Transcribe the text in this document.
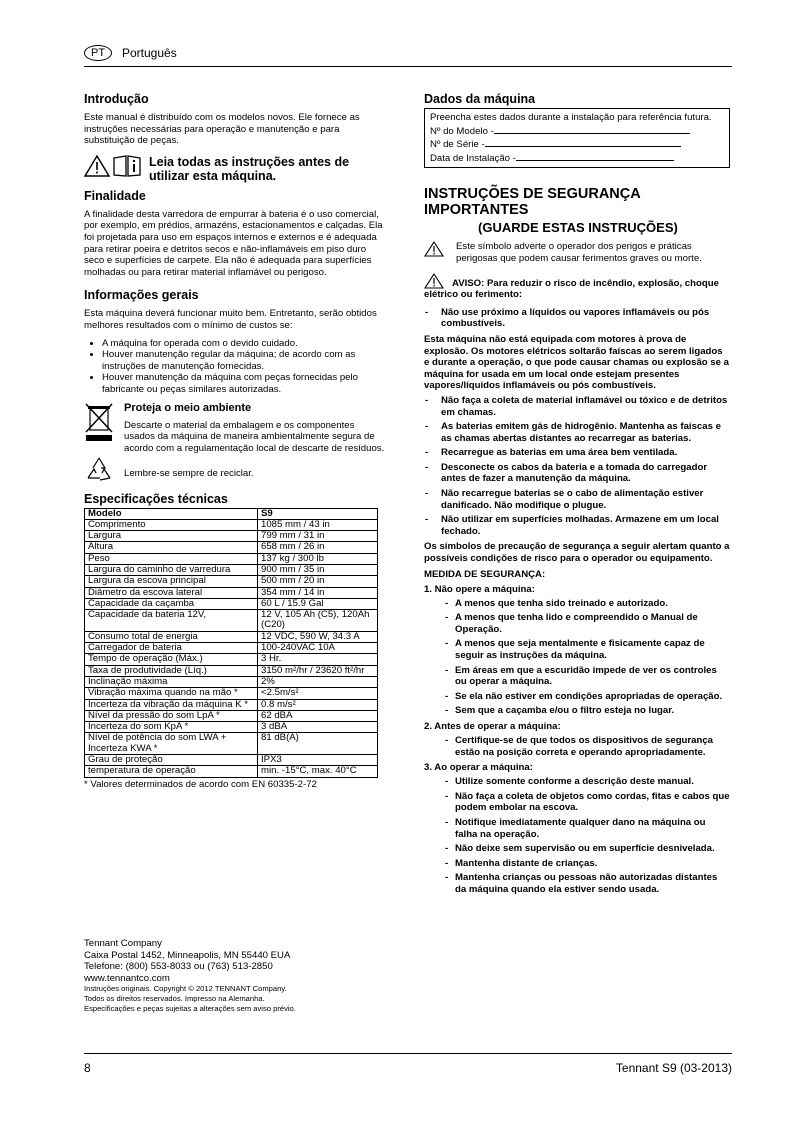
PT	Português
Introdução

Este manual é distribuído com os modelos novos. Ele fornece as instruções necessárias para operação e manutenção e para substituição de peças.

Leia todas as instruções antes de utilizar esta máquina.
Finalidade

A finalidade desta varredora de empurrar à bateria é o uso comercial, por exemplo, em prédios, armazéns, estacionamentos e calçadas. Ela foi projetada para uso em espaços internos e externos e é adequada para retirar poeira e detritos secos e não-inflamáveis em piso duro seco e superfícies de carpete. Ela não é adequada para superfícies molhadas ou para retirar material inflamável ou perigoso.

Informações gerais

Esta máquina deverá funcionar muito bem. Entretanto, serão obtidos melhores resultados com o mínimo de custos se:

• A máquina for operada com o devido cuidado.
• Houver manutenção regular da máquina; de acordo com as instruções de manutenção fornecidas.
• Houver manutenção da máquina com peças fornecidas pelo fabricante ou peças similares autorizadas.
Proteja o meio ambiente

Descarte o material da embalagem e os componentes usados da máquina de maneira ambientalmente segura de acordo com a regulamentação local de descarte de resíduos.

Lembre-se sempre de reciclar.

Especificações técnicas
Modelo	S9
Comprimento	1085 mm / 43 in
Largura	799 mm / 31 in
Altura	658 mm / 26 in
Peso	137 kg / 300 lb
Largura do caminho de varredura	900 mm / 35 in
Largura da escova principal	500 mm / 20 in
Diâmetro da escova lateral	354 mm / 14 in
Capacidade da caçamba	60 L / 15.9 Gal
Capacidade da bateria 12V,	12 V, 105 Ah (C5), 120Ah (C20)
Consumo total de energia	12 VDC, 590 W, 34.3 A
Carregador de bateria	100-240VAC 10A
Tempo de operação (Máx.)	3 Hr.
Taxa de produtividade (Líq.)	3150 m²/hr / 23620 ft²/hr
Inclinação máxima	2%
Vibração máxima quando na mão *	<2.5m/s²
Incerteza da vibração da máquina K *	0.8 m/s²
Nível da pressão do som LpA *	62 dBA
Incerteza do som KpA *	3 dBA
Nível de potência do som LWA + Incerteza KWA *	81 dB(A)
Grau de proteção	IPX3
temperatura de operação	min. -15°C, max. 40°C
* Valores determinados de acordo com EN 60335-2-72

Tennant Company

Caixa Postal 1452, Minneapolis, MN 55440 EUA

Telefone: (800) 553-8033 ou (763) 513-2850

www.tennantco.com

Instruções originais. Copyright © 2012 TENNANT Company.

Todos os direitos reservados. Impresso na Alemanha.

Especificações e peças sujeitas a alterações sem aviso prévio.

Dados da máquina
Preencha estes dados durante a instalação para referência futura.
Nº do Modelo -
Nº de Série -
Data de Instalação -
INSTRUÇÕES DE SEGURANÇA IMPORTANTES
(GUARDE ESTAS INSTRUÇÕES)
Este símbolo adverte o operador dos perigos e práticas perigosas que podem causar ferimentos graves ou morte.
AVISO: Para reduzir o risco de incêndio, explosão, choque elétrico ou ferimento:
- Não use próximo a líquidos ou vapores inflamáveis ou pós combustíveis.
Esta máquina não está equipada com motores à prova de explosão. Os motores elétricos soltarão faíscas ao serem ligados e durante a operação, o que pode causar chamas ou explosão se a máquina for usada em um local onde estejam presentes vapores/líquidos inflamáveis ou pós combustíveis.
- Não faça a coleta de material inflamável ou tóxico e de detritos em chamas.
- As baterias emitem gás de hidrogênio. Mantenha as faíscas e as chamas abertas distantes ao recarregar as baterias.
- Recarregue as baterias em uma área bem ventilada.
- Desconecte os cabos da bateria e a tomada do carregador antes de fazer a manutenção da máquina.
- Não recarregue baterias se o cabo de alimentação estiver danificado. Não modifique o plugue.
- Não utilizar em superfícies molhadas. Armazene em um local fechado.
Os símbolos de precaução de segurança a seguir alertam quanto a possíveis condições de risco para o operador ou equipamento.
MEDIDA DE SEGURANÇA:
1. Não opere a máquina:
- A menos que tenha sido treinado e autorizado.
- A menos que tenha lido e compreendido o Manual de Operação.
- A menos que seja mentalmente e fisicamente capaz de seguir as instruções da máquina.
- Em áreas em que a escuridão impede de ver os controles ou operar a máquina.
- Se ela não estiver em condições apropriadas de operação.
- Sem que a caçamba e/ou o filtro esteja no lugar.
2. Antes de operar a máquina:
- Certifique-se de que todos os dispositivos de segurança estão na posição correta e operando apropriadamente.
3. Ao operar a máquina:
- Utilize somente conforme a descrição deste manual.
- Não faça a coleta de objetos como cordas, fitas e cabos que podem embolar na escova.
- Notifique imediatamente qualquer dano na máquina ou falha na operação.
- Não deixe sem supervisão ou em superfície desnivelada.
- Mantenha distante de crianças.
- Mantenha crianças ou pessoas não autorizadas distantes da máquina quando ela estiver sendo usada.
8	Tennant S9 (03-2013)
